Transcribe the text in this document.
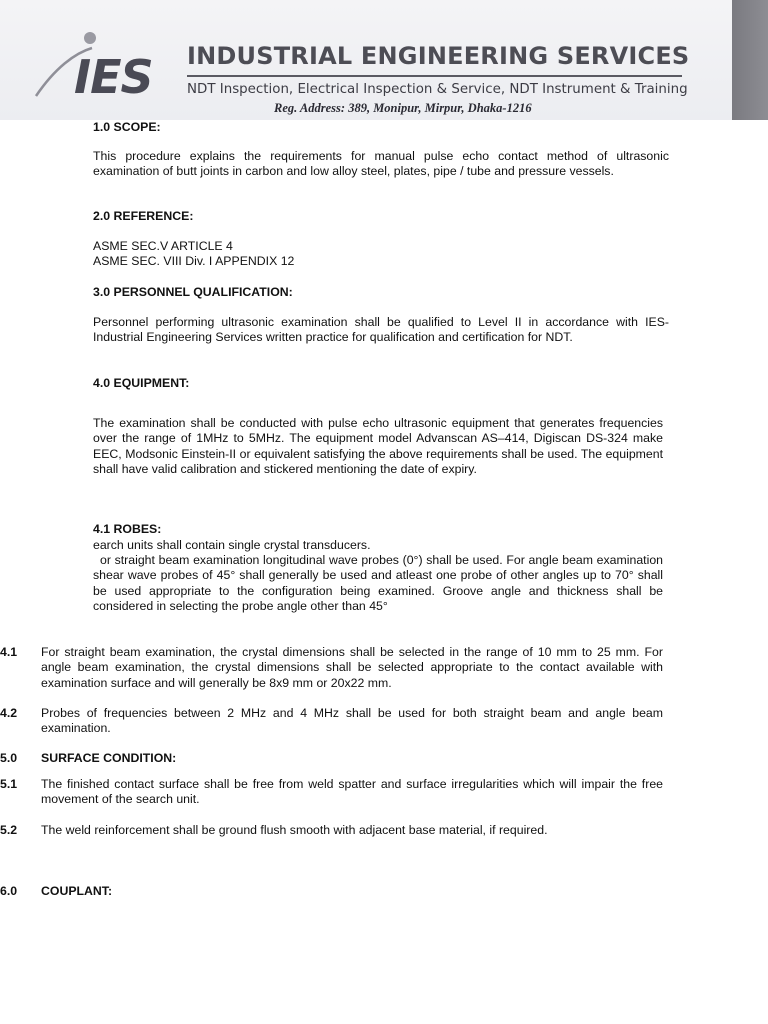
IES INDUSTRIAL ENGINEERING SERVICES
NDT Inspection, Electrical Inspection & Service, NDT Instrument & Training
Reg. Address: 389, Monipur, Mirpur, Dhaka-1216
1.0 SCOPE:
This procedure explains the requirements for manual pulse echo contact method of ultrasonic examination of butt joints in carbon and low alloy steel, plates, pipe / tube and pressure vessels.
2.0 REFERENCE:
ASME SEC.V ARTICLE 4
ASME SEC. VIII Div. I APPENDIX 12
3.0 PERSONNEL QUALIFICATION:
Personnel performing ultrasonic examination shall be qualified to Level II in accordance with IES-Industrial Engineering Services written practice for qualification and certification for NDT.
4.0 EQUIPMENT:
The examination shall be conducted with pulse echo ultrasonic equipment that generates frequencies over the range of 1MHz to 5MHz. The equipment model Advanscan AS–414, Digiscan DS-324 make EEC, Modsonic Einstein-II or equivalent satisfying the above requirements shall be used. The equipment shall have valid calibration and stickered mentioning the date of expiry.
4.1 ROBES:
earch units shall contain single crystal transducers.
or straight beam examination longitudinal wave probes (0°) shall be used. For angle beam examination shear wave probes of 45° shall generally be used and atleast one probe of other angles up to 70° shall be used appropriate to the configuration being examined. Groove angle and thickness shall be considered in selecting the probe angle other than 45°
4.1 For straight beam examination, the crystal dimensions shall be selected in the range of 10 mm to 25 mm. For angle beam examination, the crystal dimensions shall be selected appropriate to the contact available with examination surface and will generally be 8x9 mm or 20x22 mm.
4.2 Probes of frequencies between 2 MHz and 4 MHz shall be used for both straight beam and angle beam examination.
5.0 SURFACE CONDITION:
5.1 The finished contact surface shall be free from weld spatter and surface irregularities which will impair the free movement of the search unit.
5.2 The weld reinforcement shall be ground flush smooth with adjacent base material, if required.
6.0 COUPLANT:
